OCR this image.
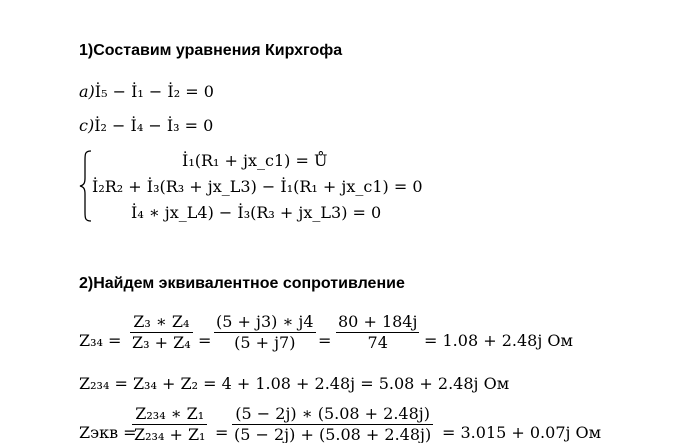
1)Составим уравнения Кирхгофа
a)İ₅ − İ₁ − İ₂ = 0
c)İ₂ − İ₄ − İ₃ = 0
İ₁(R₁ + jx_c1) = Ů
İ₂R₂ + İ₃(R₃ + jx_L3) − İ₁(R₁ + jx_c1) = 0
İ₄ ∗ jx_L4) − İ₃(R₃ + jx_L3) = 0
2)Найдем эквивалентное сопротивление
$Z_{34} = \frac{\text{Z₃ ∗ Z₄}}{\text{Z₃ + Z₄}} = \frac{(5 + j3) ∗ j4}{(5 + j7)} = \frac{80 + 184j}{74} = 1.08 + 2.48j$ Ом
Z₂₃₄ = Z₃₄ + Z₂ = 4 + 1.08 + 2.48j = 5.08 + 2.48j Ом
Zэкв =
$\frac{\text{Z₂₃₄ ∗ Z₁}}{\text{Z₂₃₄ + Z₁}} = \frac{(5 - 2j) ∗ (5.08 + 2.48j)}{(5 - 2j) + (5.08 + 2.48j)} = 3.015 + 0.07j$ Ом
